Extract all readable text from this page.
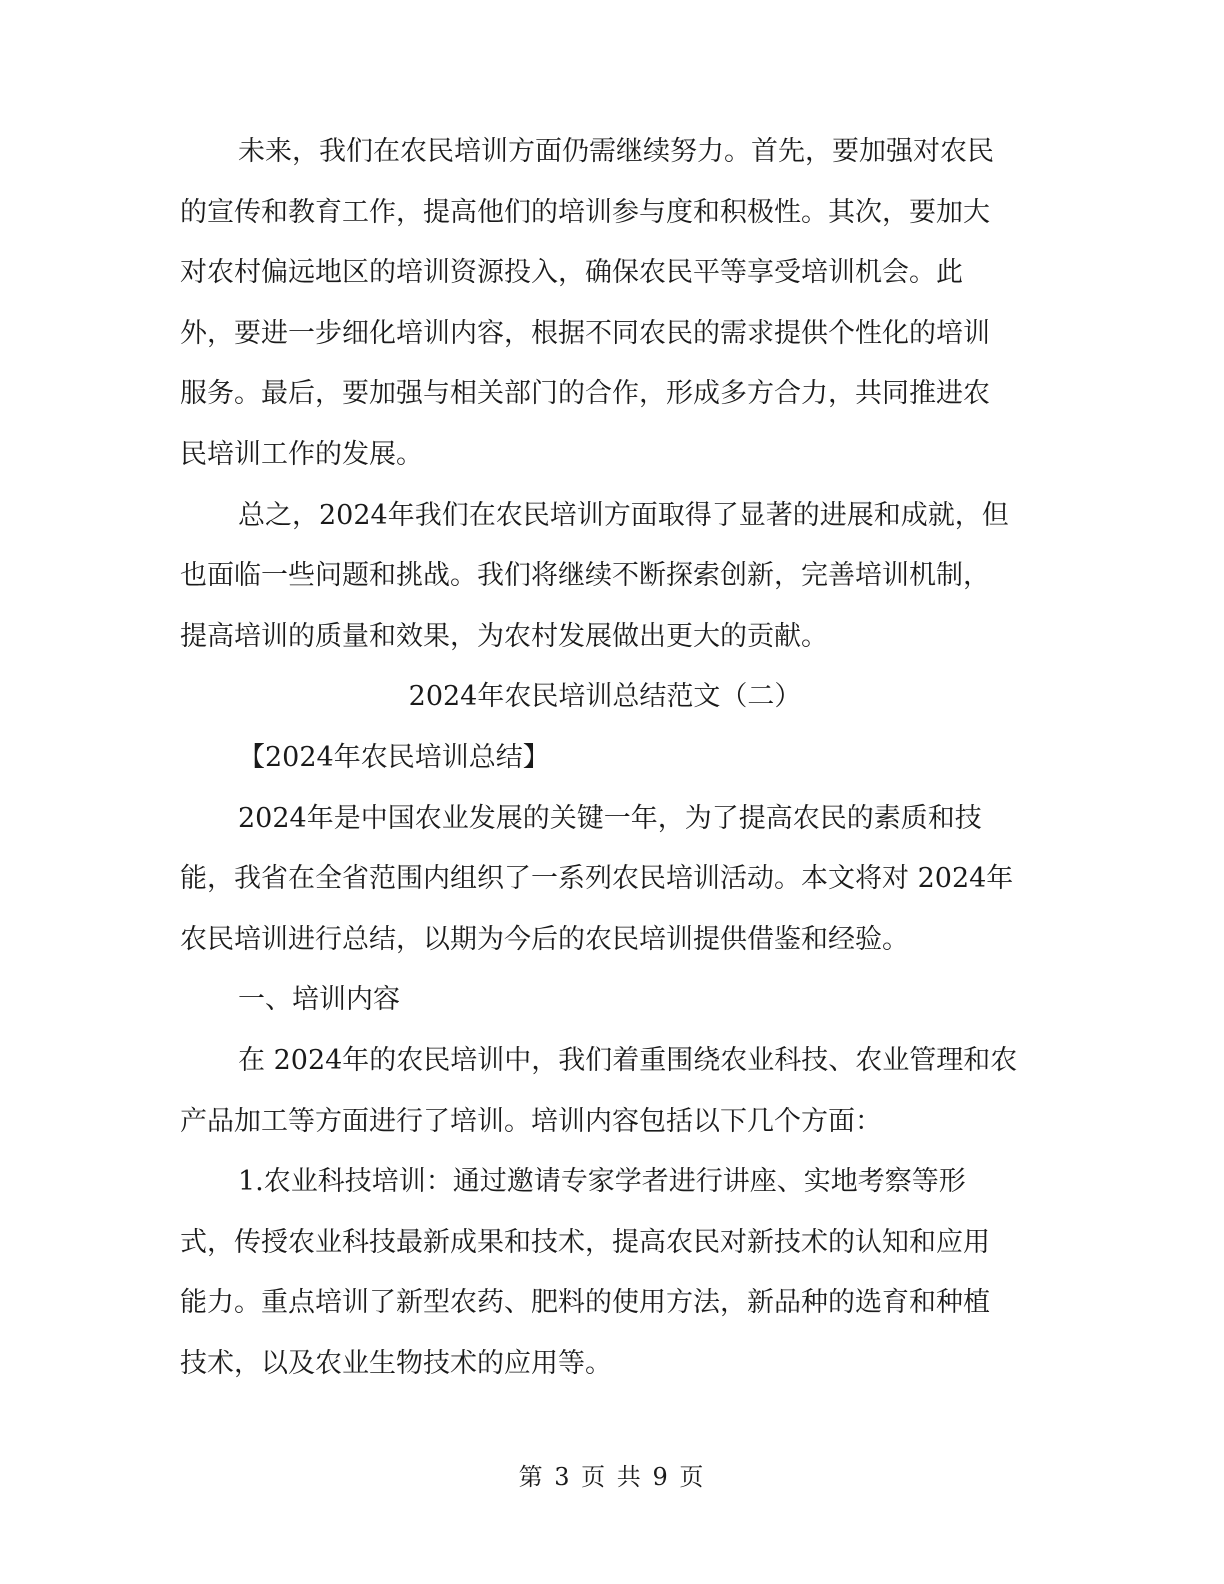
未来，我们在农民培训方面仍需继续努力。首先，要加强对农民
的宣传和教育工作，提高他们的培训参与度和积极性。其次，要加大
对农村偏远地区的培训资源投入，确保农民平等享受培训机会。此
外，要进一步细化培训内容，根据不同农民的需求提供个性化的培训
服务。最后，要加强与相关部门的合作，形成多方合力，共同推进农
民培训工作的发展。
总之，2024年我们在农民培训方面取得了显著的进展和成就，但
也面临一些问题和挑战。我们将继续不断探索创新，完善培训机制，
提高培训的质量和效果，为农村发展做出更大的贡献。
2024年农民培训总结范文（二）
【2024年农民培训总结】
2024年是中国农业发展的关键一年，为了提高农民的素质和技
能，我省在全省范围内组织了一系列农民培训活动。本文将对 2024年
农民培训进行总结，以期为今后的农民培训提供借鉴和经验。
一、培训内容
在 2024年的农民培训中，我们着重围绕农业科技、农业管理和农
产品加工等方面进行了培训。培训内容包括以下几个方面：
1.农业科技培训：通过邀请专家学者进行讲座、实地考察等形
式，传授农业科技最新成果和技术，提高农民对新技术的认知和应用
能力。重点培训了新型农药、肥料的使用方法，新品种的选育和种植
技术，以及农业生物技术的应用等。
第 3 页 共 9 页
